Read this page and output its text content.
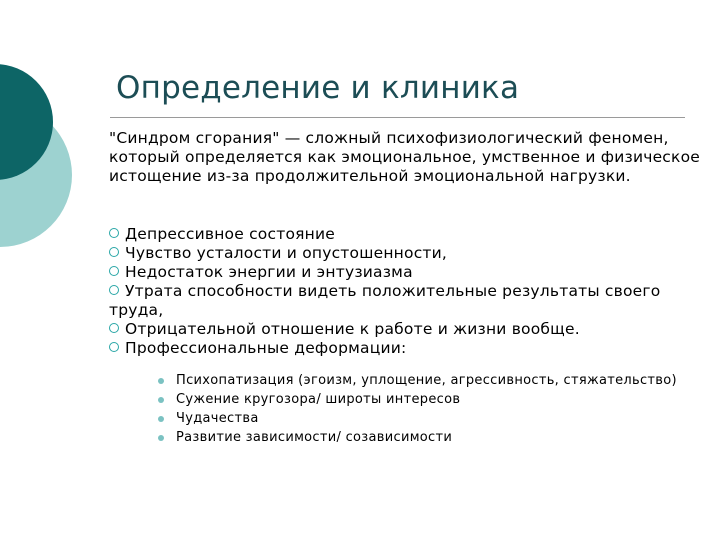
Определение и клиника

"Синдром сгорания" — сложный психофизиологический феномен, который определяется как эмоциональное, умственное и физическое истощение из-за продолжительной эмоциональной нагрузки.

Депрессивное состояние
Чувство усталости и опустошенности,
Недостаток энергии и энтузиазма
Утрата способности видеть положительные результаты своего труда,
Отрицательной отношение к работе и жизни вообще.
Профессиональные деформации:
Психопатизация (эгоизм, уплощение, агрессивность, стяжательство)
Сужение кругозора/ широты интересов
Чудачества
Развитие зависимости/ созависимости
